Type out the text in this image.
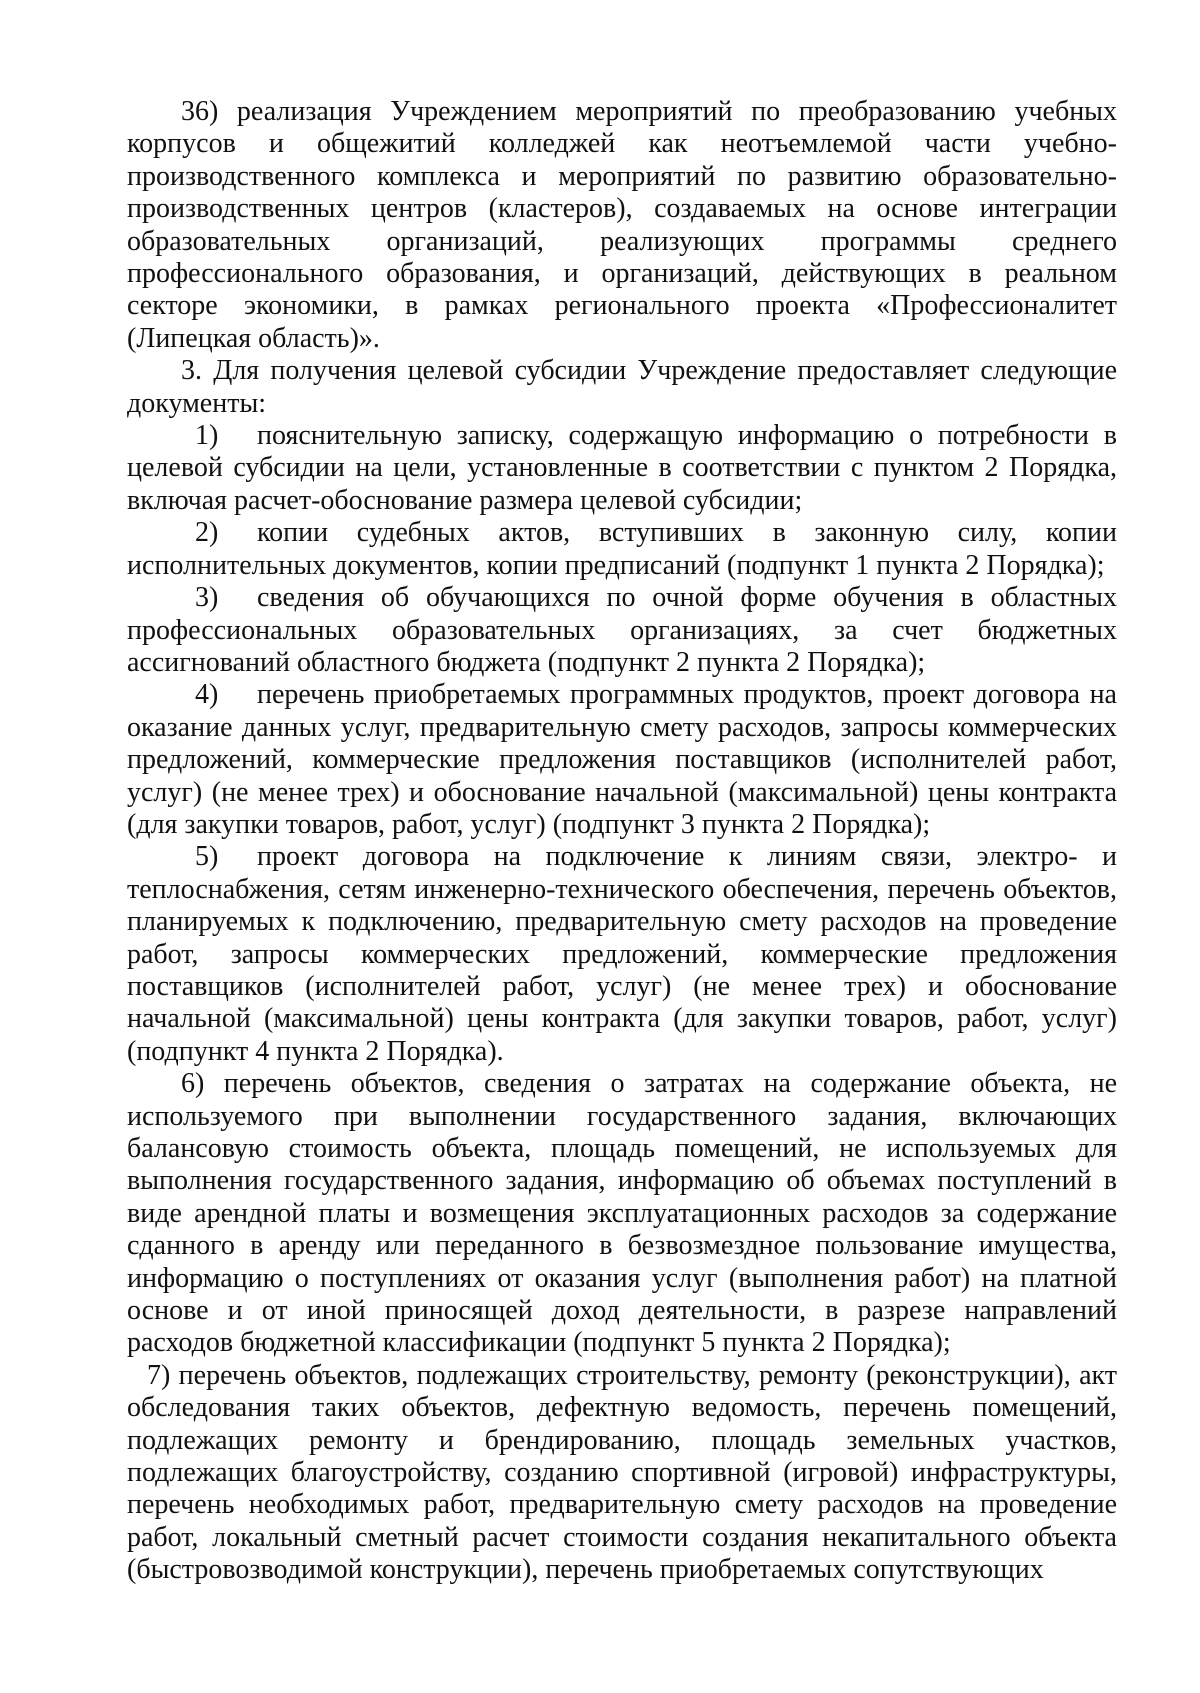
36) реализация Учреждением мероприятий по преобразованию учебных корпусов и общежитий колледжей как неотъемлемой части учебно-производственного комплекса и мероприятий по развитию образовательно-производственных центров (кластеров), создаваемых на основе интеграции образовательных организаций, реализующих программы среднего профессионального образования, и организаций, действующих в реальном секторе экономики, в рамках регионального проекта «Профессионалитет (Липецкая область)».

3. Для получения целевой субсидии Учреждение предоставляет следующие документы:

1) пояснительную записку, содержащую информацию о потребности в целевой субсидии на цели, установленные в соответствии с пунктом 2 Порядка, включая расчет-обоснование размера целевой субсидии;

2) копии судебных актов, вступивших в законную силу, копии исполнительных документов, копии предписаний (подпункт 1 пункта 2 Порядка);

3) сведения об обучающихся по очной форме обучения в областных профессиональных образовательных организациях, за счет бюджетных ассигнований областного бюджета (подпункт 2 пункта 2 Порядка);

4) перечень приобретаемых программных продуктов, проект договора на оказание данных услуг, предварительную смету расходов, запросы коммерческих предложений, коммерческие предложения поставщиков (исполнителей работ, услуг) (не менее трех) и обоснование начальной (максимальной) цены контракта (для закупки товаров, работ, услуг) (подпункт 3 пункта 2 Порядка);

5) проект договора на подключение к линиям связи, электро- и теплоснабжения, сетям инженерно-технического обеспечения, перечень объектов, планируемых к подключению, предварительную смету расходов на проведение работ, запросы коммерческих предложений, коммерческие предложения поставщиков (исполнителей работ, услуг) (не менее трех) и обоснование начальной (максимальной) цены контракта (для закупки товаров, работ, услуг) (подпункт 4 пункта 2 Порядка).

6) перечень объектов, сведения о затратах на содержание объекта, не используемого при выполнении государственного задания, включающих балансовую стоимость объекта, площадь помещений, не используемых для выполнения государственного задания, информацию об объемах поступлений в виде арендной платы и возмещения эксплуатационных расходов за содержание сданного в аренду или переданного в безвозмездное пользование имущества, информацию о поступлениях от оказания услуг (выполнения работ) на платной основе и от иной приносящей доход деятельности, в разрезе направлений расходов бюджетной классификации (подпункт 5 пункта 2 Порядка);

7) перечень объектов, подлежащих строительству, ремонту (реконструкции), акт обследования таких объектов, дефектную ведомость, перечень помещений, подлежащих ремонту и брендированию, площадь земельных участков, подлежащих благоустройству, созданию спортивной (игровой) инфраструктуры, перечень необходимых работ, предварительную смету расходов на проведение работ, локальный сметный расчет стоимости создания некапитального объекта (быстровозводимой конструкции), перечень приобретаемых сопутствующих
